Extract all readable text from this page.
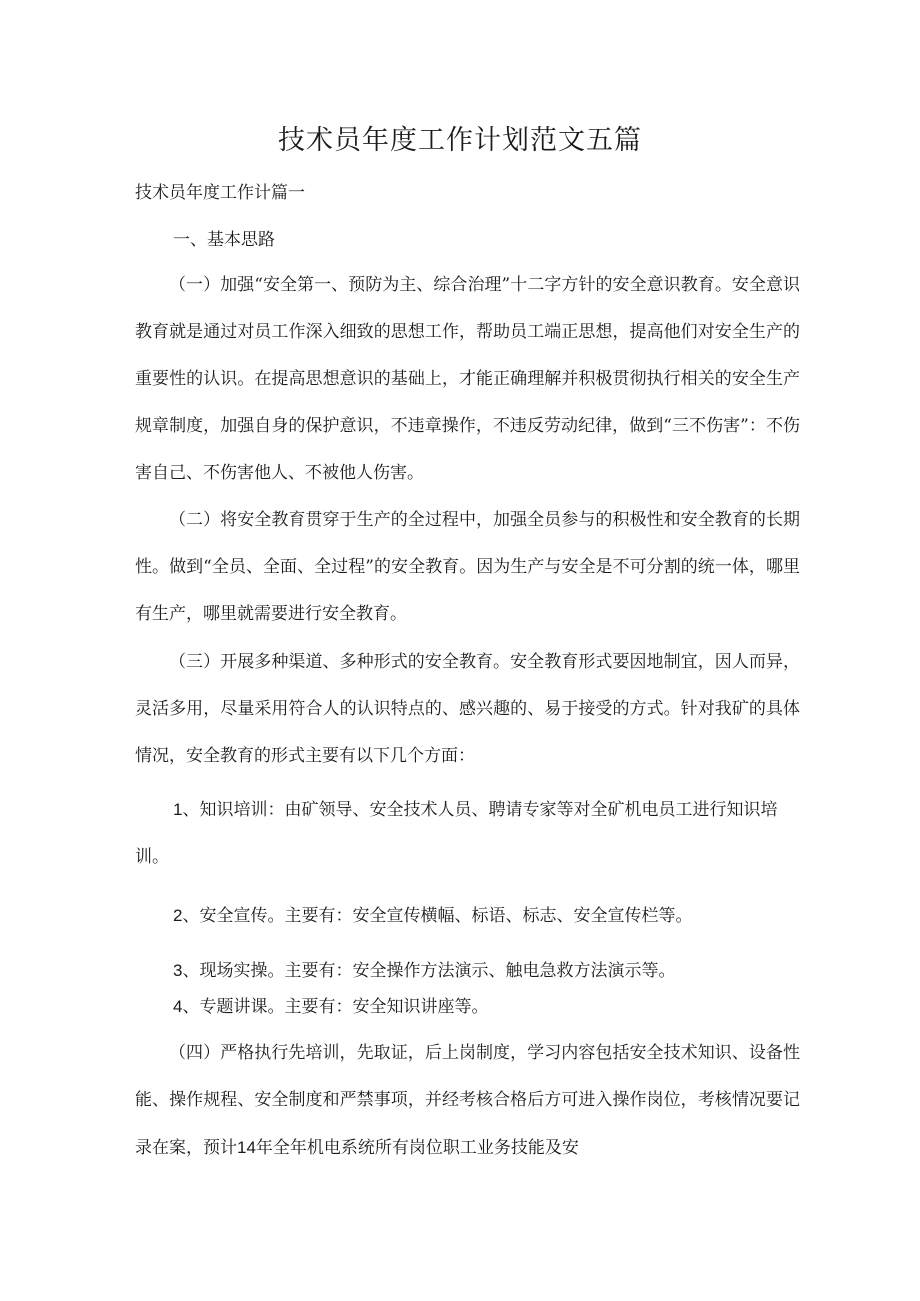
技术员年度工作计划范文五篇
技术员年度工作计篇一
一、基本思路

（一）加强“安全第一、预防为主、综合治理”十二字方针的安全意识教育。安全意识教育就是通过对员工作深入细致的思想工作，帮助员工端正思想，提高他们对安全生产的重要性的认识。在提高思想意识的基础上，才能正确理解并积极贯彻执行相关的安全生产规章制度，加强自身的保护意识，不违章操作，不违反劳动纪律，做到“三不伤害”：不伤害自己、不伤害他人、不被他人伤害。

（二）将安全教育贯穿于生产的全过程中，加强全员参与的积极性和安全教育的长期性。做到“全员、全面、全过程”的安全教育。因为生产与安全是不可分割的统一体，哪里有生产，哪里就需要进行安全教育。

（三）开展多种渠道、多种形式的安全教育。安全教育形式要因地制宜，因人而异，灵活多用，尽量采用符合人的认识特点的、感兴趣的、易于接受的方式。针对我矿的具体情况，安全教育的形式主要有以下几个方面：

1、知识培训：由矿领导、安全技术人员、聘请专家等对全矿机电员工进行知识培训。

2、安全宣传。主要有：安全宣传横幅、标语、标志、安全宣传栏等。

3、现场实操。主要有：安全操作方法演示、触电急救方法演示等。

4、专题讲课。主要有：安全知识讲座等。

（四）严格执行先培训，先取证，后上岗制度，学习内容包括安全技术知识、设备性能、操作规程、安全制度和严禁事项，并经考核合格后方可进入操作岗位，考核情况要记录在案，预计14年全年机电系统所有岗位职工业务技能及安
